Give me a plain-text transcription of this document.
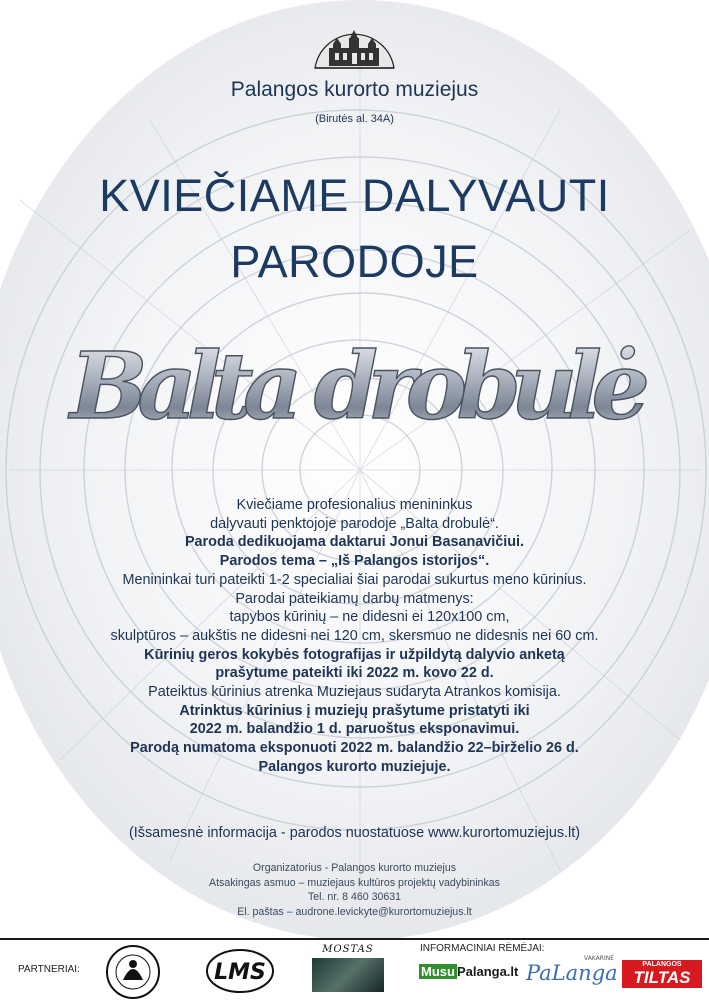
Palangos kurorto muziejus
(Birutės al. 34A)
KVIEČIAME DALYVAUTI
PARODOJE
Balta drobulė
Kviečiame profesionalius menininkus
dalyvauti penktojoje parodoje „Balta drobulė“.
Paroda dedikuojama daktarui Jonui Basanavičiui.
Parodos tema – „Iš Palangos istorijos“.
Menininkai turi pateikti 1-2 specialiai šiai parodai sukurtus meno kūrinius.
Parodai pateikiamų darbų matmenys:
tapybos kūrinių – ne didesni ei 120x100 cm,
skulptūros – aukštis ne didesni nei 120 cm, skersmuo ne didesnis nei 60 cm.
Kūrinių geros kokybės fotografijas ir užpildytą dalyvio anketą
prašytume pateikti iki 2022 m. kovo 22 d.
Pateiktus kūrinius atrenka Muziejaus sudaryta Atrankos komisija.
Atrinktus kūrinius į muziejų prašytume pristatyti iki
2022 m. balandžio 1 d. paruoštus eksponavimui.
Parodą numatoma eksponuoti 2022 m. balandžio 22–birželio 26 d.
Palangos kurorto muziejuje.
(Išsamesnė informacija - parodos nuostatuose www.kurortomuziejus.lt)
Organizatorius - Palangos kurorto muziejus
Atsakingas asmuo – muziejaus kultūros projektų vadybininkas
Tel. nr. 8 460 30631
El. paštas – audrone.levickyte@kurortomuziejus.lt
PARTNERIAI:
INFORMACINIAI RĖMĖJAI:
LMS
MOSTAS
Musu Palanga.lt
VAKARINĖ
PaLanga	PALANGOS
TILTAS
